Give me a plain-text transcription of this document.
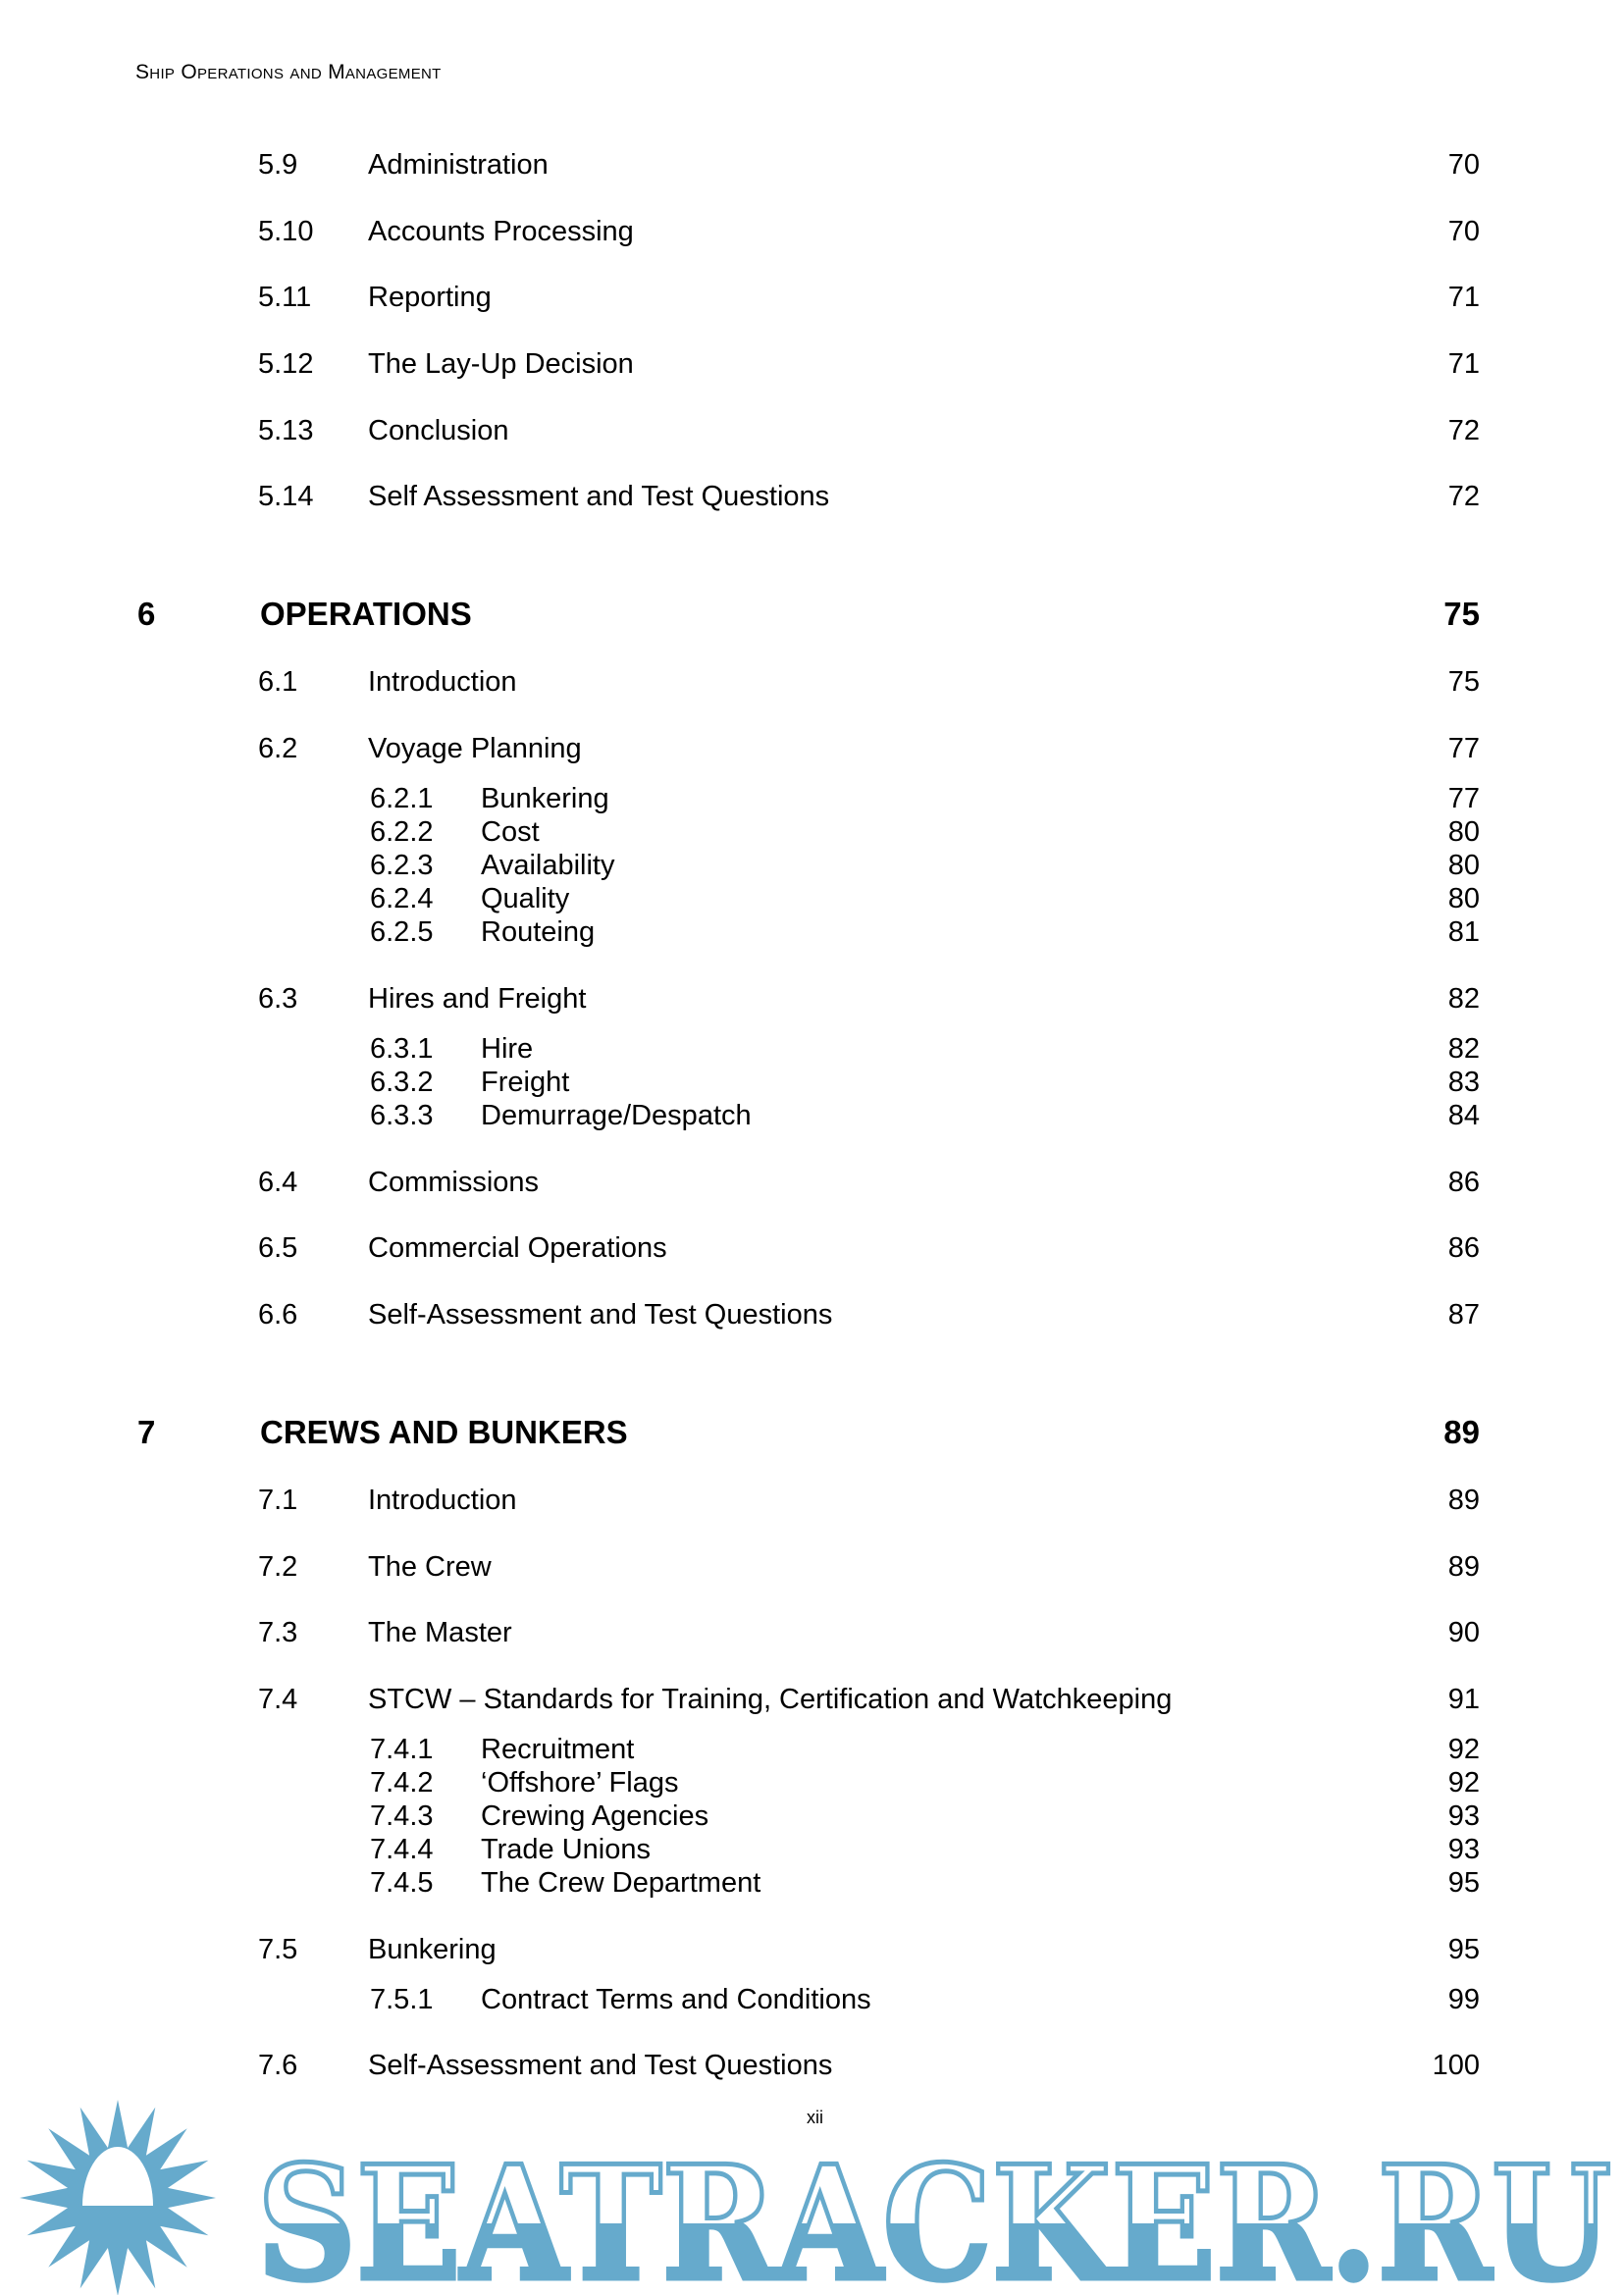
Ship Operations and Management
5.9 Administration	70
5.10 Accounts Processing	70
5.11 Reporting	71
5.12 The Lay-Up Decision	71
5.13 Conclusion	72
5.14 Self Assessment and Test Questions	72
6	OPERATIONS	75
6.1 Introduction	75
6.2 Voyage Planning	77
6.2.1 Bunkering	77
6.2.2 Cost	80
6.2.3 Availability	80
6.2.4 Quality	80
6.2.5 Routeing	81
6.3 Hires and Freight	82
6.3.1 Hire	82
6.3.2 Freight	83
6.3.3 Demurrage/Despatch	84
6.4 Commissions	86
6.5 Commercial Operations	86
6.6 Self-Assessment and Test Questions	87
7	CREWS AND BUNKERS	89
7.1 Introduction	89
7.2 The Crew	89
7.3 The Master	90
7.4 STCW – Standards for Training, Certification and Watchkeeping	91
7.4.1 Recruitment	92
7.4.2 ‘Offshore’ Flags	92
7.4.3 Crewing Agencies	93
7.4.4 Trade Unions	93
7.4.5 The Crew Department	95
7.5 Bunkering	95
7.5.1 Contract Terms and Conditions	99
7.6 Self-Assessment and Test Questions	100
SEATRACKER.RU
xii
